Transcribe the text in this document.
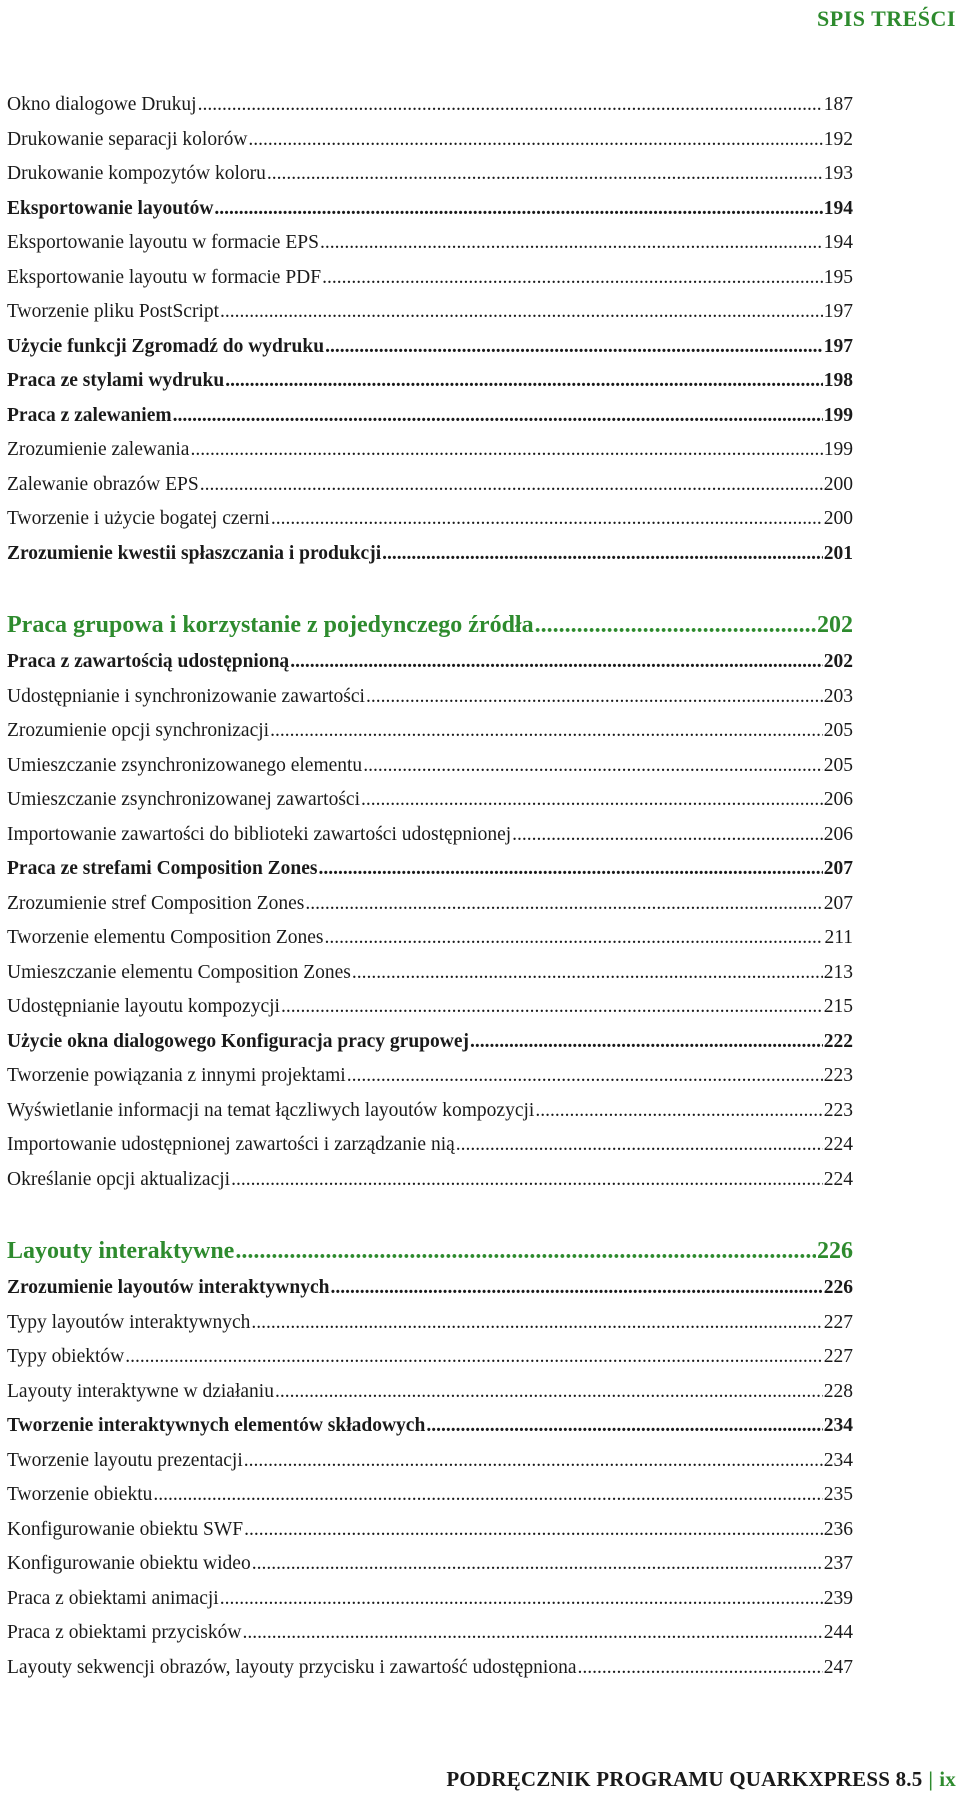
SPIS TREŚCI
Okno dialogowe Drukuj .....	187
Drukowanie separacji kolorów .....	192
Drukowanie kompozytów koloru .....	193
Eksportowanie layoutów .....	194
Eksportowanie layoutu w formacie EPS .....	194
Eksportowanie layoutu w formacie PDF .....	195
Tworzenie pliku PostScript .....	197
Użycie funkcji Zgromadź do wydruku .....	197
Praca ze stylami wydruku .....	198
Praca z zalewaniem .....	199
Zrozumienie zalewania .....	199
Zalewanie obrazów EPS .....	200
Tworzenie i użycie bogatej czerni .....	200
Zrozumienie kwestii spłaszczania i produkcji .....	201
Praca grupowa i korzystanie z pojedynczego źródła .....	202
Praca z zawartością udostępnioną .....	202
Udostępnianie i synchronizowanie zawartości .....	203
Zrozumienie opcji synchronizacji .....	205
Umieszczanie zsynchronizowanego elementu .....	205
Umieszczanie zsynchronizowanej zawartości .....	206
Importowanie zawartości do biblioteki zawartości udostępnionej .....	206
Praca ze strefami Composition Zones .....	207
Zrozumienie stref Composition Zones .....	207
Tworzenie elementu Composition Zones .....	211
Umieszczanie elementu Composition Zones .....	213
Udostępnianie layoutu kompozycji .....	215
Użycie okna dialogowego Konfiguracja pracy grupowej .....	222
Tworzenie powiązania z innymi projektami .....	223
Wyświetlanie informacji na temat łączliwych layoutów kompozycji .....	223
Importowanie udostępnionej zawartości i zarządzanie nią .....	224
Określanie opcji aktualizacji .....	224
Layouty interaktywne .....	226
Zrozumienie layoutów interaktywnych .....	226
Typy layoutów interaktywnych .....	227
Typy obiektów .....	227
Layouty interaktywne w działaniu .....	228
Tworzenie interaktywnych elementów składowych .....	234
Tworzenie layoutu prezentacji .....	234
Tworzenie obiektu .....	235
Konfigurowanie obiektu SWF .....	236
Konfigurowanie obiektu wideo .....	237
Praca z obiektami animacji .....	239
Praca z obiektami przycisków .....	244
Layouty sekwencji obrazów, layouty przycisku i zawartość udostępniona .....	247
PODRĘCZNIK PROGRAMU QUARKXPRESS 8.5 | ix
